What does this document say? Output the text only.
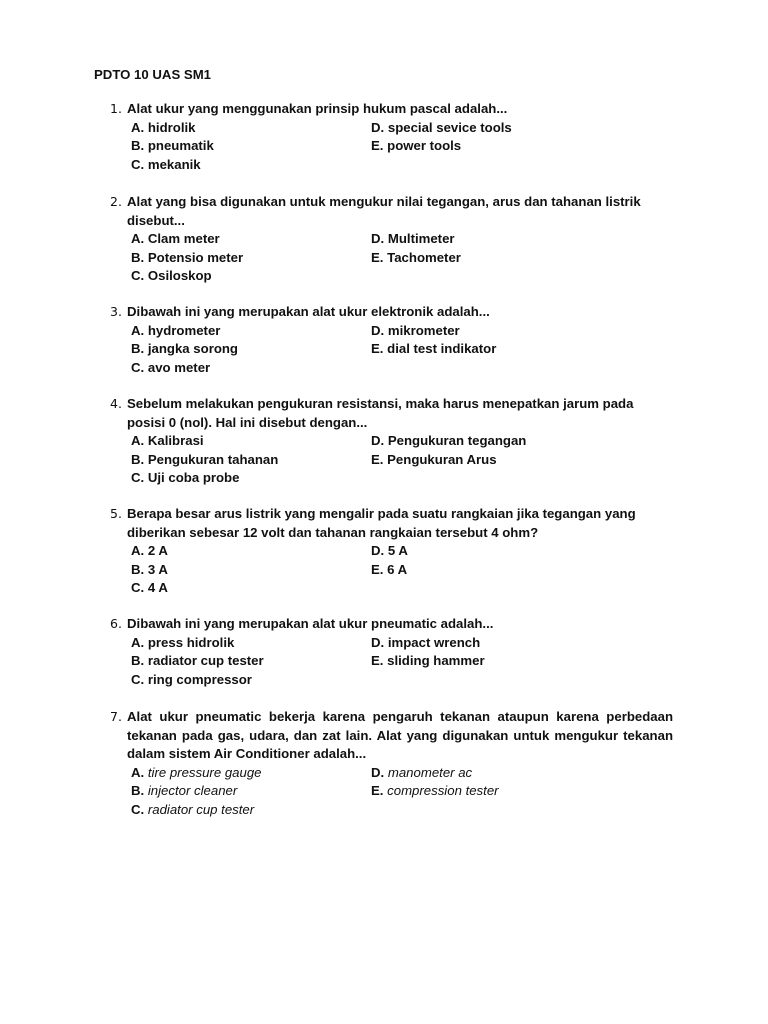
PDTO 10 UAS SM1
1. Alat ukur yang menggunakan prinsip hukum pascal adalah...
A. hidrolik	D. special sevice tools
B. pneumatik	E. power tools
C. mekanik
2. Alat yang bisa digunakan untuk mengukur nilai tegangan, arus dan tahanan listrik disebut...
A. Clam meter	D. Multimeter
B. Potensio meter	E. Tachometer
C. Osiloskop
3. Dibawah ini yang merupakan alat ukur elektronik adalah...
A. hydrometer	D. mikrometer
B. jangka sorong	E. dial test indikator
C. avo meter
4. Sebelum melakukan pengukuran resistansi, maka harus menepatkan jarum pada posisi 0 (nol). Hal ini disebut dengan...
A. Kalibrasi	D. Pengukuran tegangan
B. Pengukuran tahanan	E. Pengukuran Arus
C. Uji coba probe
5. Berapa besar arus listrik yang mengalir pada suatu rangkaian jika tegangan yang diberikan sebesar 12 volt dan tahanan rangkaian tersebut 4 ohm?
A. 2 A	D. 5 A
B. 3 A	E. 6 A
C. 4 A
6. Dibawah ini yang merupakan alat ukur pneumatic adalah...
A. press hidrolik	D. impact wrench
B. radiator cup tester	E. sliding hammer
C. ring compressor
7. Alat ukur pneumatic bekerja karena pengaruh tekanan ataupun karena perbedaan tekanan pada gas, udara, dan zat lain. Alat yang digunakan untuk mengukur tekanan dalam sistem Air Conditioner adalah...
A. tire pressure gauge	D. manometer ac
B. injector cleaner	E. compression tester
C. radiator cup tester
